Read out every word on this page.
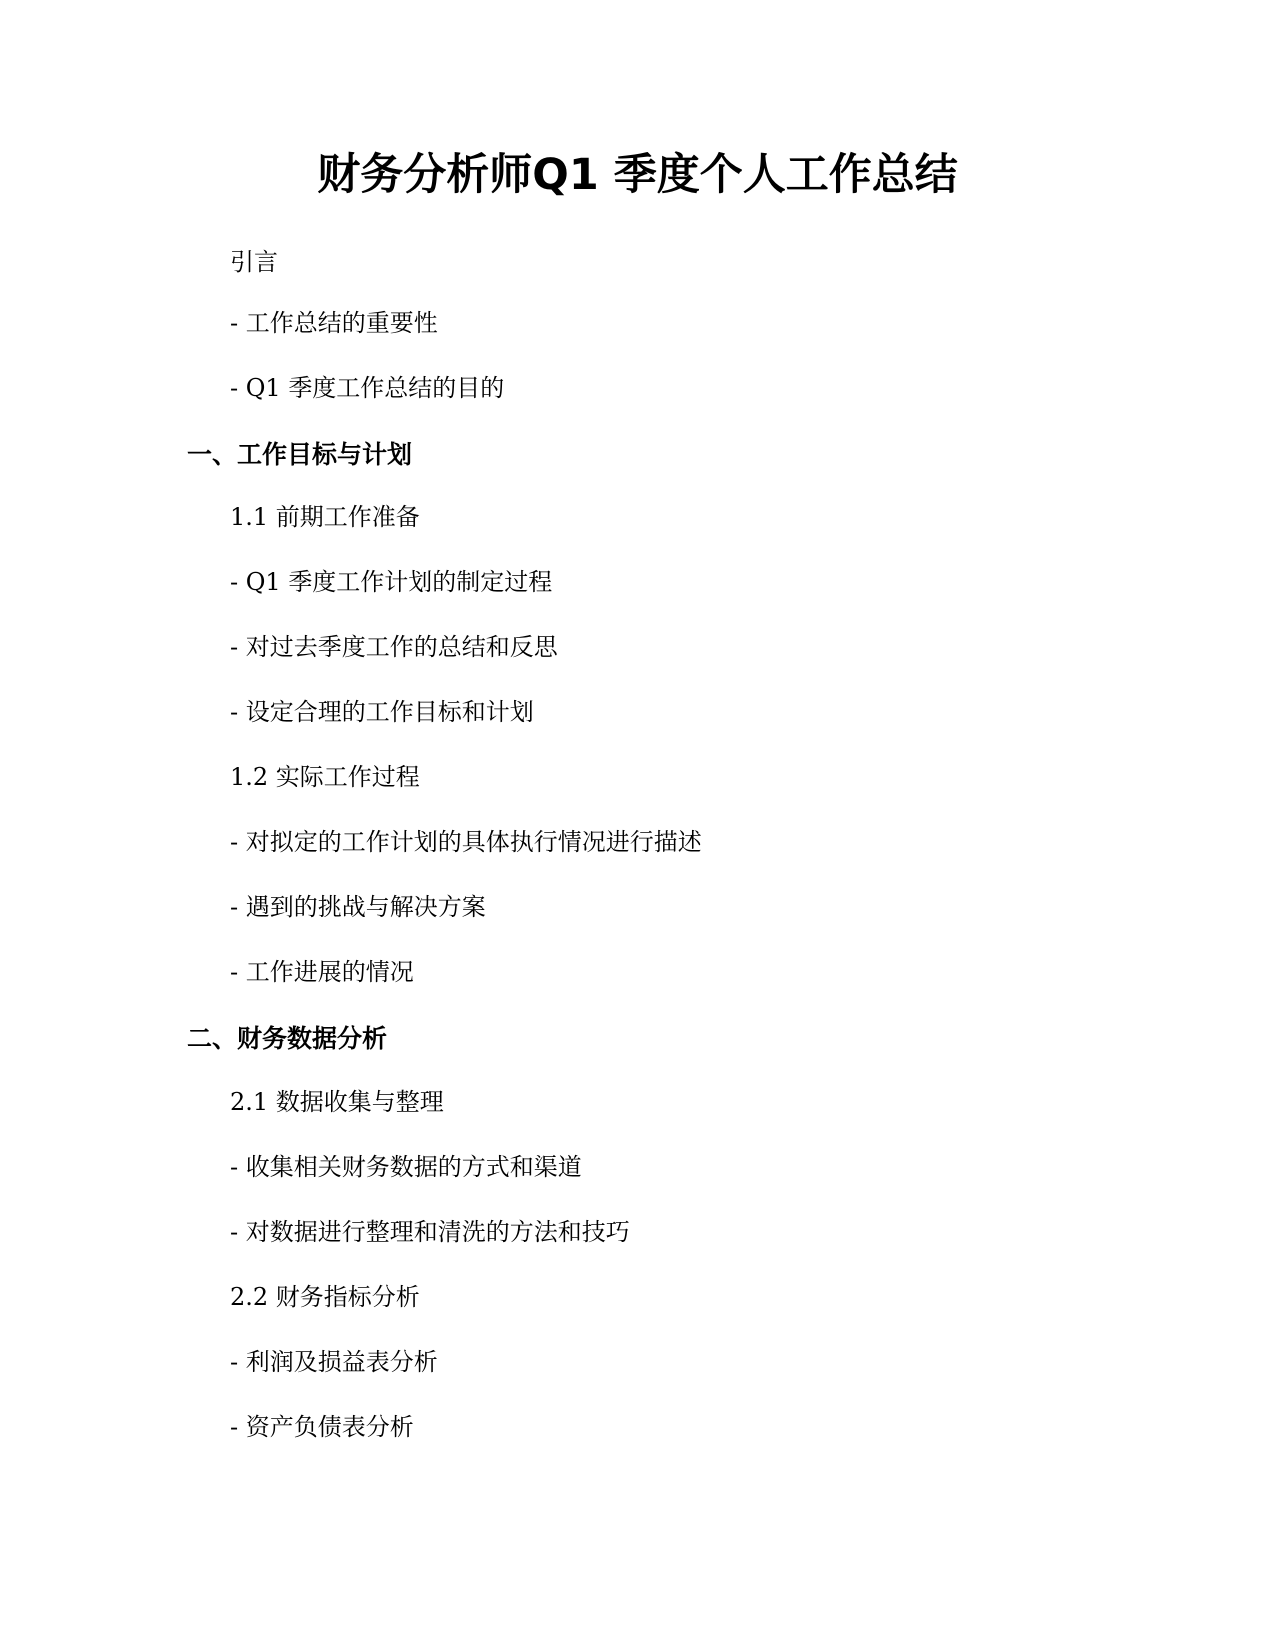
财务分析师Q1 季度个人工作总结
引言
- 工作总结的重要性
- Q1 季度工作总结的目的
一、工作目标与计划
1.1 前期工作准备
- Q1 季度工作计划的制定过程
- 对过去季度工作的总结和反思
- 设定合理的工作目标和计划
1.2 实际工作过程
- 对拟定的工作计划的具体执行情况进行描述
- 遇到的挑战与解决方案
- 工作进展的情况
二、财务数据分析
2.1 数据收集与整理
- 收集相关财务数据的方式和渠道
- 对数据进行整理和清洗的方法和技巧
2.2 财务指标分析
- 利润及损益表分析
- 资产负债表分析
